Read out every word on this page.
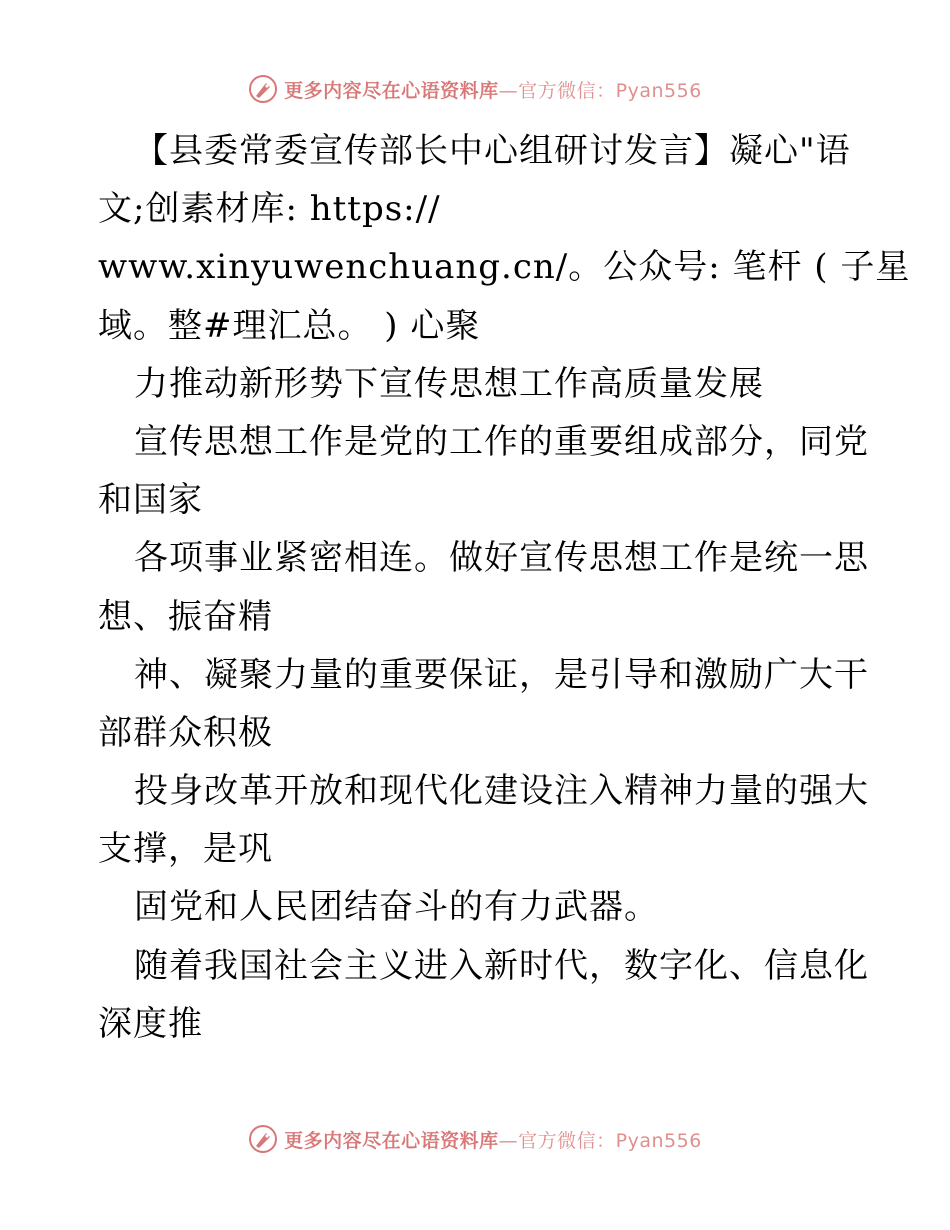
更多内容尽在心语资料库—官方微信：Pyan556
【县委常委宣传部长中心组研讨发言】凝心"语
文;创素材库: https://
www.xinyuwenchuang.cn/。公众号: 笔杆 ( 子星
域。整#理汇总。 ) 心聚
力推动新形势下宣传思想工作高质量发展
宣传思想工作是党的工作的重要组成部分，同党
和国家
各项事业紧密相连。做好宣传思想工作是统一思
想、振奋精
神、凝聚力量的重要保证，是引导和激励广大干
部群众积极
投身改革开放和现代化建设注入精神力量的强大
支撑，是巩
固党和人民团结奋斗的有力武器。
随着我国社会主义进入新时代，数字化、信息化
深度推
更多内容尽在心语资料库—官方微信：Pyan556
